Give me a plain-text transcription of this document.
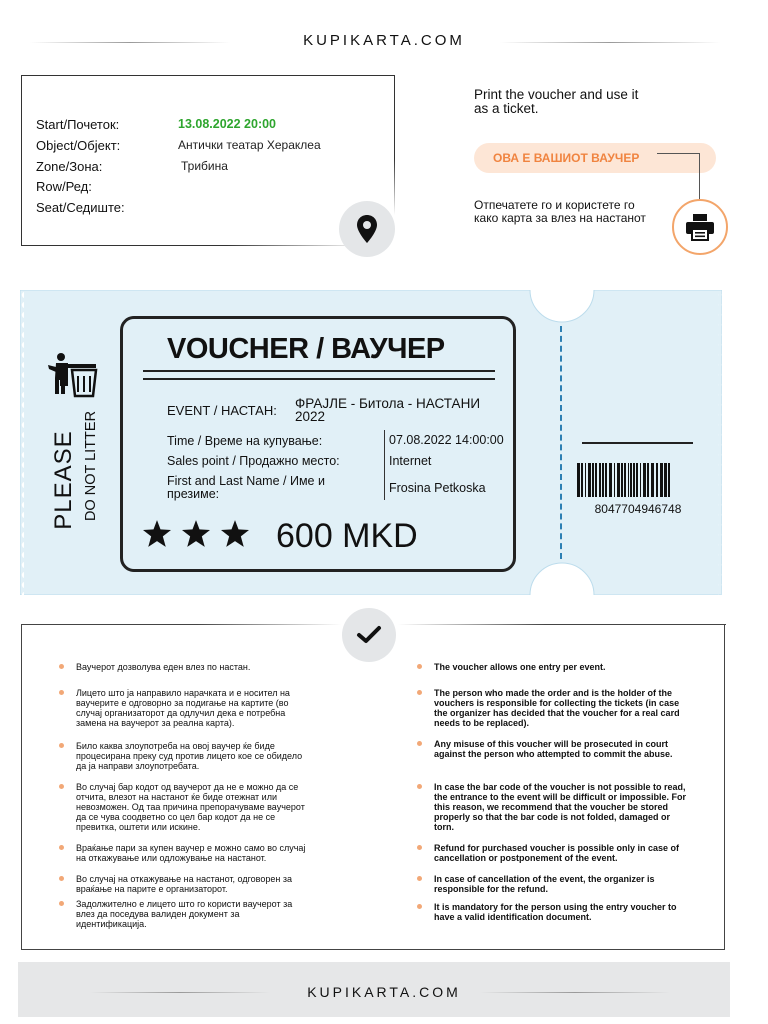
KUPIKARTA.COM
Start/Почеток:	13.08.2022 20:00
Object/Објект:	Антички театар Хераклеа
Zone/Зона:	Трибина
Row/Ред:
Seat/Седиште:
Print the voucher and use it
as a ticket.
ОВА Е ВАШИОТ ВАУЧЕР
Отпечатете го и користете го
како карта за влез на настанот
PLEASE DO NOT LITTER
VOUCHER / ВАУЧЕР
EVENT / НАСТАН: ФРАЈЛЕ - Битола - НАСТАНИ
2022
Time / Време на купување:	07.08.2022 14:00:00
Sales point / Продажно место:	Internet
First and Last Name / Име и
презиме:	Frosina Petkoska
600 MKD
8047704946748
Ваучерот дозволува еден влез по настан.
Лицето што ја направило нарачката и е носител на
ваучерите е одговорно за подигање на картите (во
случај организаторот да одлучил дека е потребна
замена на ваучерот за реална карта).
Било каква злоупотреба на овој ваучер ќе биде
процесирана преку суд против лицето кое се обидело
да ја направи злоупотребата.
Во случај бар кодот од ваучерот да не е можно да се
отчита, влезот на настанот ќе биде отежнат или
невозможен. Од таа причина препорачуваме ваучерот
да се чува соодветно со цел бар кодот да не се
превитка, оштети или искине.
Враќање пари за купен ваучер е можно само во случај
на откажување или одложување на настанот.
Во случај на откажување на настанот, одговорен за
враќање на парите е организаторот.
Задолжително е лицето што го користи ваучерот за
влез да поседува валиден документ за
идентификација.
The voucher allows one entry per event.
The person who made the order and is the holder of the
vouchers is responsible for collecting the tickets (in case
the organizer has decided that the voucher for a real card
needs to be replaced).
Any misuse of this voucher will be prosecuted in court
against the person who attempted to commit the abuse.
In case the bar code of the voucher is not possible to read,
the entrance to the event will be difficult or impossible. For
this reason, we recommend that the voucher be stored
properly so that the bar code is not folded, damaged or
torn.
Refund for purchased voucher is possible only in case of
cancellation or postponement of the event.
In case of cancellation of the event, the organizer is
responsible for the refund.
It is mandatory for the person using the entry voucher to
have a valid identification document.
KUPIKARTA.COM
